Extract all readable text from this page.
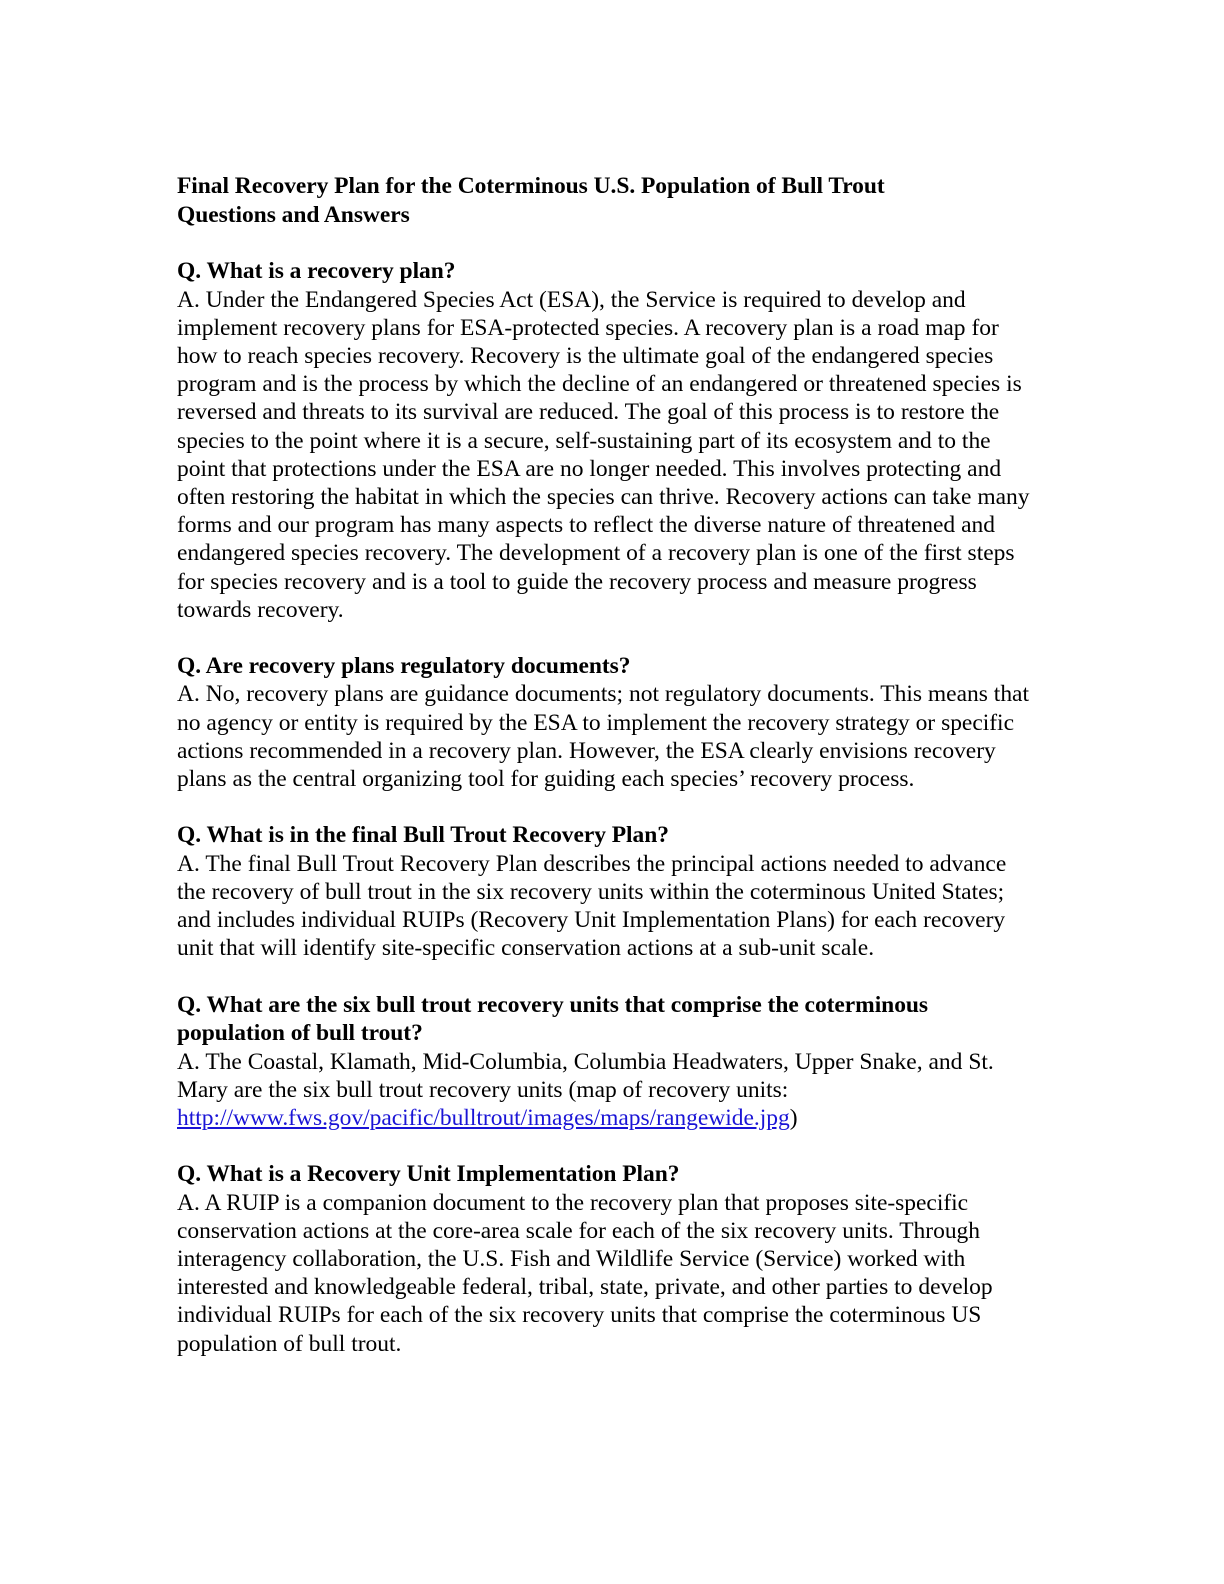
Final Recovery Plan for the Coterminous U.S. Population of Bull Trout
Questions and Answers

Q. What is a recovery plan?

A. Under the Endangered Species Act (ESA), the Service is required to develop and implement recovery plans for ESA-protected species. A recovery plan is a road map for how to reach species recovery. Recovery is the ultimate goal of the endangered species program and is the process by which the decline of an endangered or threatened species is reversed and threats to its survival are reduced. The goal of this process is to restore the species to the point where it is a secure, self-sustaining part of its ecosystem and to the point that protections under the ESA are no longer needed. This involves protecting and often restoring the habitat in which the species can thrive. Recovery actions can take many forms and our program has many aspects to reflect the diverse nature of threatened and endangered species recovery. The development of a recovery plan is one of the first steps for species recovery and is a tool to guide the recovery process and measure progress towards recovery.

Q. Are recovery plans regulatory documents?

A. No, recovery plans are guidance documents; not regulatory documents. This means that no agency or entity is required by the ESA to implement the recovery strategy or specific actions recommended in a recovery plan. However, the ESA clearly envisions recovery plans as the central organizing tool for guiding each species’ recovery process.

Q. What is in the final Bull Trout Recovery Plan?

A. The final Bull Trout Recovery Plan describes the principal actions needed to advance the recovery of bull trout in the six recovery units within the coterminous United States; and includes individual RUIPs (Recovery Unit Implementation Plans) for each recovery unit that will identify site-specific conservation actions at a sub-unit scale.

Q. What are the six bull trout recovery units that comprise the coterminous population of bull trout?

A. The Coastal, Klamath, Mid-Columbia, Columbia Headwaters, Upper Snake, and St. Mary are the six bull trout recovery units (map of recovery units: http://www.fws.gov/pacific/bulltrout/images/maps/rangewide.jpg)

Q. What is a Recovery Unit Implementation Plan?

A. A RUIP is a companion document to the recovery plan that proposes site-specific conservation actions at the core-area scale for each of the six recovery units. Through interagency collaboration, the U.S. Fish and Wildlife Service (Service) worked with interested and knowledgeable federal, tribal, state, private, and other parties to develop individual RUIPs for each of the six recovery units that comprise the coterminous US population of bull trout.
